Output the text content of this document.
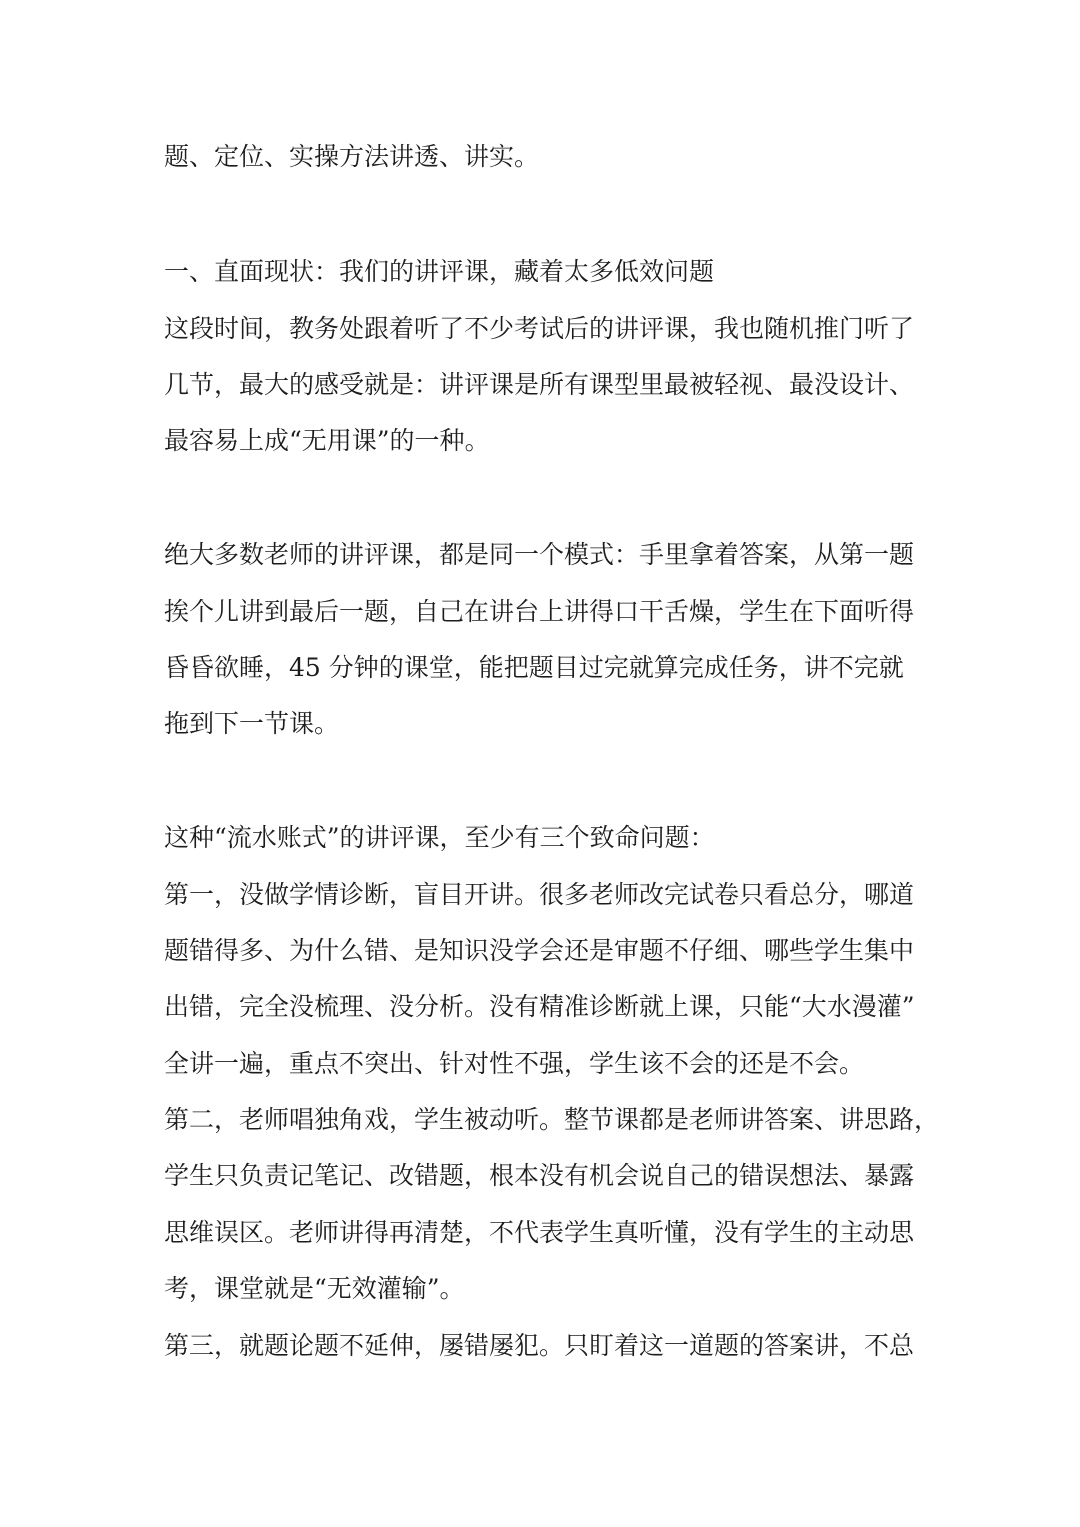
题、定位、实操方法讲透、讲实。

一、直面现状：我们的讲评课，藏着太多低效问题

这段时间，教务处跟着听了不少考试后的讲评课，我也随机推门听了

几节，最大的感受就是：讲评课是所有课型里最被轻视、最没设计、

最容易上成“无用课”的一种。

绝大多数老师的讲评课，都是同一个模式：手里拿着答案，从第一题

挨个儿讲到最后一题，自己在讲台上讲得口干舌燥，学生在下面听得

昏昏欲睡，45 分钟的课堂，能把题目过完就算完成任务，讲不完就

拖到下一节课。

这种“流水账式”的讲评课，至少有三个致命问题：

第一，没做学情诊断，盲目开讲。很多老师改完试卷只看总分，哪道

题错得多、为什么错、是知识没学会还是审题不仔细、哪些学生集中

出错，完全没梳理、没分析。没有精准诊断就上课，只能“大水漫灌”

全讲一遍，重点不突出、针对性不强，学生该不会的还是不会。

第二，老师唱独角戏，学生被动听。整节课都是老师讲答案、讲思路，

学生只负责记笔记、改错题，根本没有机会说自己的错误想法、暴露

思维误区。老师讲得再清楚，不代表学生真听懂，没有学生的主动思

考，课堂就是“无效灌输”。

第三，就题论题不延伸，屡错屡犯。只盯着这一道题的答案讲，不总
